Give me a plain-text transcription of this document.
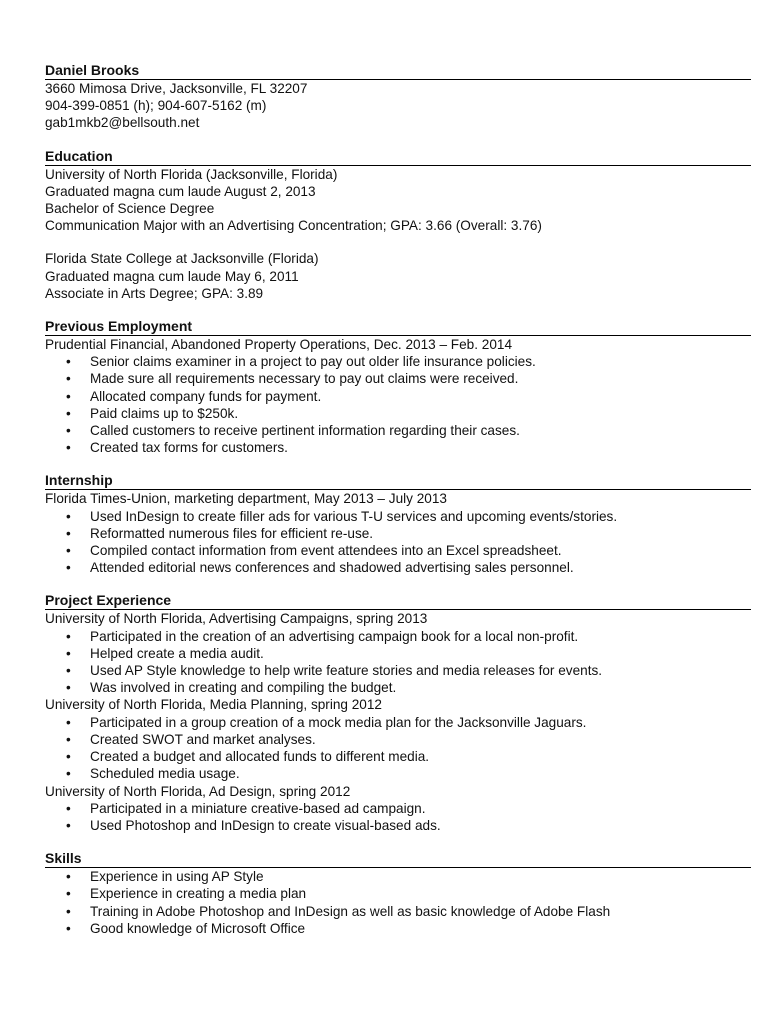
Daniel Brooks
3660 Mimosa Drive, Jacksonville, FL 32207
904-399-0851 (h); 904-607-5162 (m)
gab1mkb2@bellsouth.net
Education
University of North Florida (Jacksonville, Florida)
Graduated magna cum laude August 2, 2013
Bachelor of Science Degree
Communication Major with an Advertising Concentration; GPA: 3.66 (Overall: 3.76)
Florida State College at Jacksonville (Florida)
Graduated magna cum laude May 6, 2011
Associate in Arts Degree; GPA: 3.89
Previous Employment
Prudential Financial, Abandoned Property Operations, Dec. 2013 – Feb. 2014
• Senior claims examiner in a project to pay out older life insurance policies.
• Made sure all requirements necessary to pay out claims were received.
• Allocated company funds for payment.
• Paid claims up to $250k.
• Called customers to receive pertinent information regarding their cases.
• Created tax forms for customers.
Internship
Florida Times-Union, marketing department, May 2013 – July 2013
• Used InDesign to create filler ads for various T-U services and upcoming events/stories.
• Reformatted numerous files for efficient re-use.
• Compiled contact information from event attendees into an Excel spreadsheet.
• Attended editorial news conferences and shadowed advertising sales personnel.
Project Experience
University of North Florida, Advertising Campaigns, spring 2013
• Participated in the creation of an advertising campaign book for a local non-profit.
• Helped create a media audit.
• Used AP Style knowledge to help write feature stories and media releases for events.
• Was involved in creating and compiling the budget.
University of North Florida, Media Planning, spring 2012
• Participated in a group creation of a mock media plan for the Jacksonville Jaguars.
• Created SWOT and market analyses.
• Created a budget and allocated funds to different media.
• Scheduled media usage.
University of North Florida, Ad Design, spring 2012
• Participated in a miniature creative-based ad campaign.
• Used Photoshop and InDesign to create visual-based ads.
Skills
• Experience in using AP Style
• Experience in creating a media plan
• Training in Adobe Photoshop and InDesign as well as basic knowledge of Adobe Flash
• Good knowledge of Microsoft Office
